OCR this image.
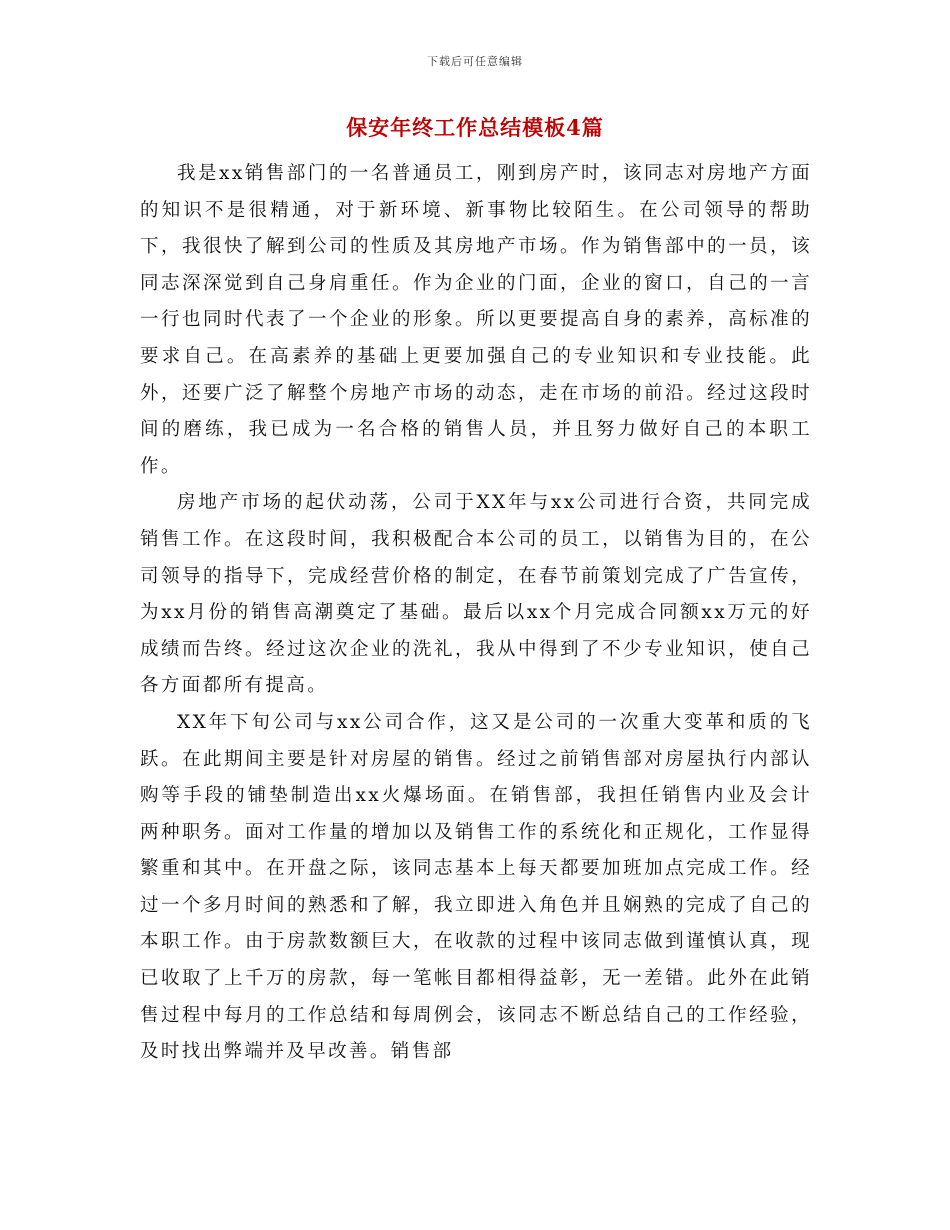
下载后可任意编辑
保安年终工作总结模板4篇

我是xx销售部门的一名普通员工，刚到房产时，该同志对房地产方面的知识不是很精通，对于新环境、新事物比较陌生。在公司领导的帮助下，我很快了解到公司的性质及其房地产市场。作为销售部中的一员，该同志深深觉到自己身肩重任。作为企业的门面，企业的窗口，自己的一言一行也同时代表了一个企业的形象。所以更要提高自身的素养，高标准的要求自己。在高素养的基础上更要加强自己的专业知识和专业技能。此外，还要广泛了解整个房地产市场的动态，走在市场的前沿。经过这段时间的磨练，我已成为一名合格的销售人员，并且努力做好自己的本职工作。

房地产市场的起伏动荡，公司于XX年与xx公司进行合资，共同完成销售工作。在这段时间，我积极配合本公司的员工，以销售为目的，在公司领导的指导下，完成经营价格的制定，在春节前策划完成了广告宣传，为xx月份的销售高潮奠定了基础。最后以xx个月完成合同额xx万元的好成绩而告终。经过这次企业的洗礼，我从中得到了不少专业知识，使自己各方面都所有提高。

XX年下旬公司与xx公司合作，这又是公司的一次重大变革和质的飞跃。在此期间主要是针对房屋的销售。经过之前销售部对房屋执行内部认购等手段的铺垫制造出xx火爆场面。在销售部，我担任销售内业及会计两种职务。面对工作量的增加以及销售工作的系统化和正规化，工作显得繁重和其中。在开盘之际，该同志基本上每天都要加班加点完成工作。经过一个多月时间的熟悉和了解，我立即进入角色并且娴熟的完成了自己的本职工作。由于房款数额巨大，在收款的过程中该同志做到谨慎认真，现已收取了上千万的房款，每一笔帐目都相得益彰，无一差错。此外在此销售过程中每月的工作总结和每周例会，该同志不断总结自己的工作经验，及时找出弊端并及早改善。销售部
